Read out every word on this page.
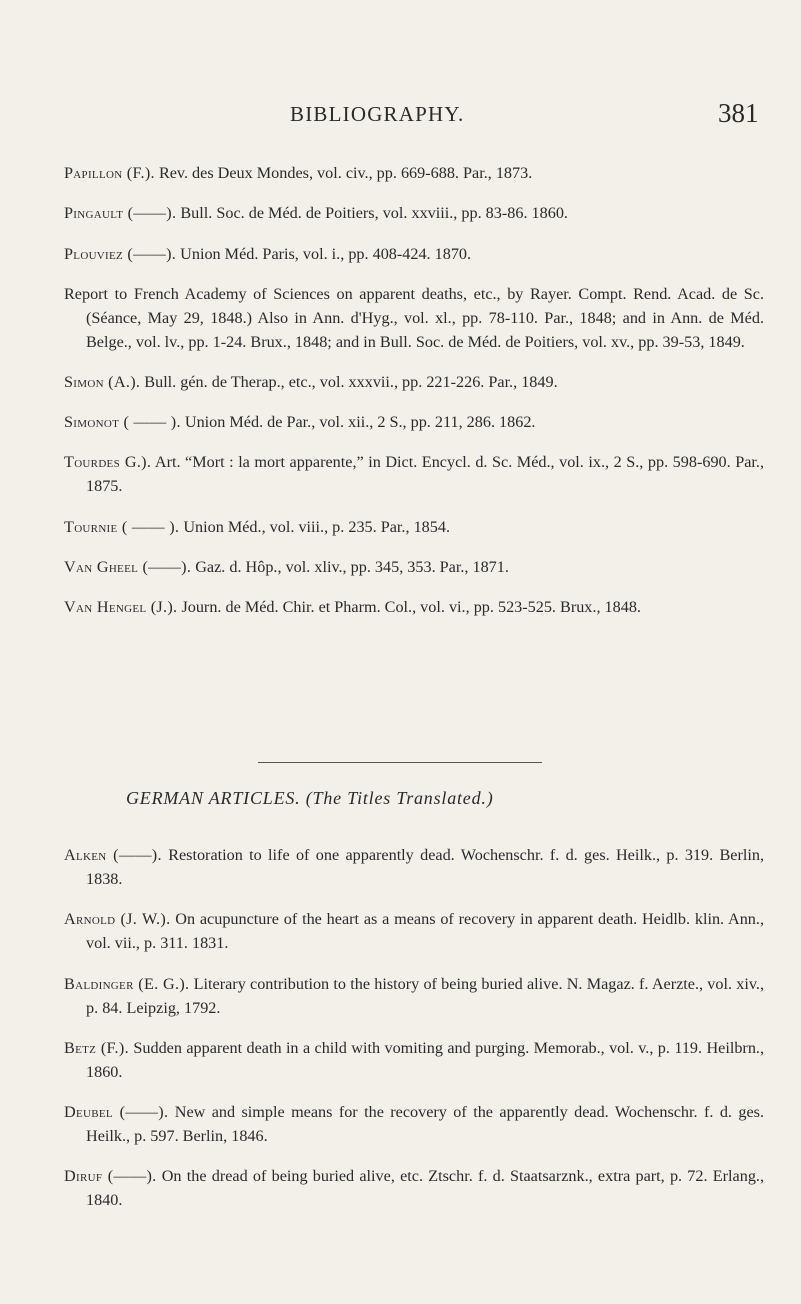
BIBLIOGRAPHY.	381

Papillon (F.). Rev. des Deux Mondes, vol. civ., pp. 669-688. Par., 1873.

Pingault (——). Bull. Soc. de Méd. de Poitiers, vol. xxviii., pp. 83-86. 1860.

Plouviez (——). Union Méd. Paris, vol. i., pp. 408-424. 1870.

Report to French Academy of Sciences on apparent deaths, etc., by Rayer. Compt. Rend. Acad. de Sc. (Séance, May 29, 1848.) Also in Ann. d'Hyg., vol. xl., pp. 78-110. Par., 1848; and in Ann. de Méd. Belge., vol. lv., pp. 1-24. Brux., 1848; and in Bull. Soc. de Méd. de Poitiers, vol. xv., pp. 39-53, 1849.

Simon (A.). Bull. gén. de Therap., etc., vol. xxxvii., pp. 221-226. Par., 1849.

Simonot ( —— ). Union Méd. de Par., vol. xii., 2 S., pp. 211, 286. 1862.

Tourdes G.). Art. “Mort : la mort apparente,” in Dict. Encycl. d. Sc. Méd., vol. ix., 2 S., pp. 598-690. Par., 1875.

Tournie ( —— ). Union Méd., vol. viii., p. 235. Par., 1854.

Van Gheel (——). Gaz. d. Hôp., vol. xliv., pp. 345, 353. Par., 1871.

Van Hengel (J.). Journ. de Méd. Chir. et Pharm. Col., vol. vi., pp. 523-525. Brux., 1848.

GERMAN ARTICLES. (The Titles Translated.)

Alken (——). Restoration to life of one apparently dead. Wochenschr. f. d. ges. Heilk., p. 319. Berlin, 1838.

Arnold (J. W.). On acupuncture of the heart as a means of recovery in apparent death. Heidlb. klin. Ann., vol. vii., p. 311. 1831.

Baldinger (E. G.). Literary contribution to the history of being buried alive. N. Magaz. f. Aerzte., vol. xiv., p. 84. Leipzig, 1792.

Betz (F.). Sudden apparent death in a child with vomiting and purging. Memorab., vol. v., p. 119. Heilbrn., 1860.

Deubel (——). New and simple means for the recovery of the apparently dead. Wochenschr. f. d. ges. Heilk., p. 597. Berlin, 1846.

Diruf (——). On the dread of being buried alive, etc. Ztschr. f. d. Staatsarznk., extra part, p. 72. Erlang., 1840.
